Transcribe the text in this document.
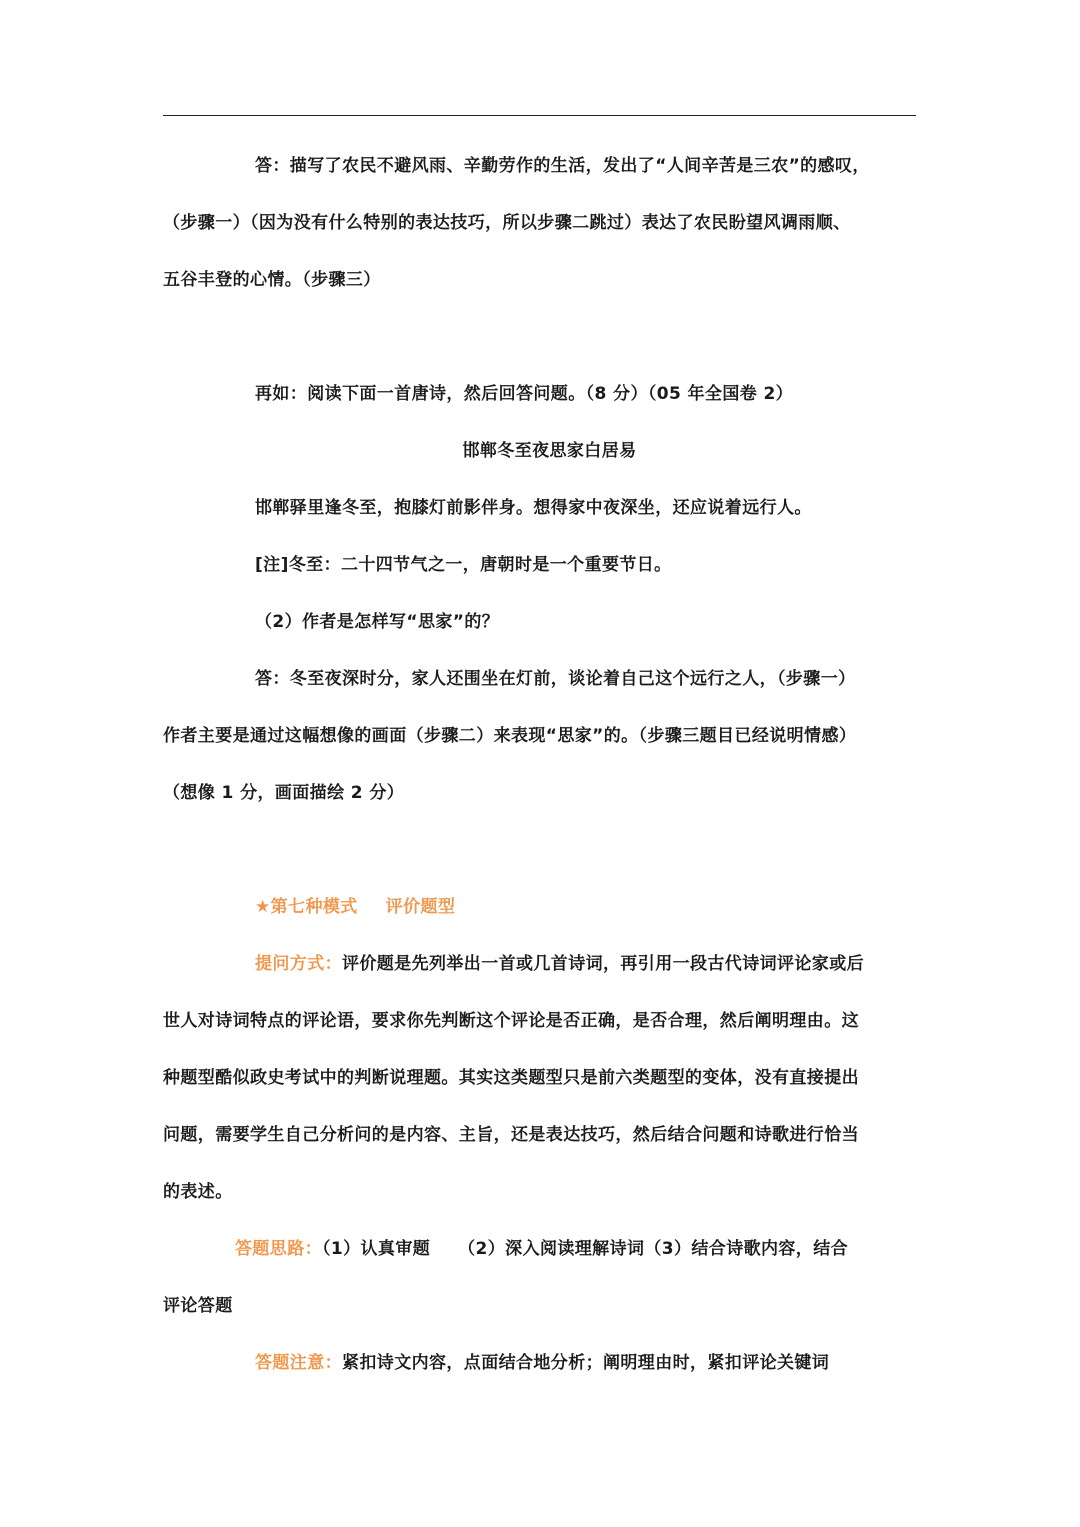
答：描写了农民不避风雨、辛勤劳作的生活，发出了“人间辛苦是三农”的感叹，

（步骤一）（因为没有什么特别的表达技巧，所以步骤二跳过）表达了农民盼望风调雨顺、

五谷丰登的心情。（步骤三）

再如：阅读下面一首唐诗，然后回答问题。（8 分）（05 年全国卷 2）

邯郸冬至夜思家白居易

邯郸驿里逢冬至，抱膝灯前影伴身。想得家中夜深坐，还应说着远行人。

[注]冬至：二十四节气之一，唐朝时是一个重要节日。

（2）作者是怎样写“思家”的？

答：冬至夜深时分，家人还围坐在灯前，谈论着自己这个远行之人，（步骤一）

作者主要是通过这幅想像的画面（步骤二）来表现“思家”的。（步骤三题目已经说明情感）

（想像 1 分，画面描绘 2 分）

★第七种模式 评价题型

提问方式：评价题是先列举出一首或几首诗词，再引用一段古代诗词评论家或后

世人对诗词特点的评论语，要求你先判断这个评论是否正确，是否合理，然后阐明理由。这

种题型酷似政史考试中的判断说理题。其实这类题型只是前六类题型的变体，没有直接提出

问题，需要学生自己分析问的是内容、主旨，还是表达技巧，然后结合问题和诗歌进行恰当

的表述。

答题思路：（1）认真审题 （2）深入阅读理解诗词（3）结合诗歌内容，结合

评论答题

答题注意：紧扣诗文内容，点面结合地分析；阐明理由时，紧扣评论关键词
